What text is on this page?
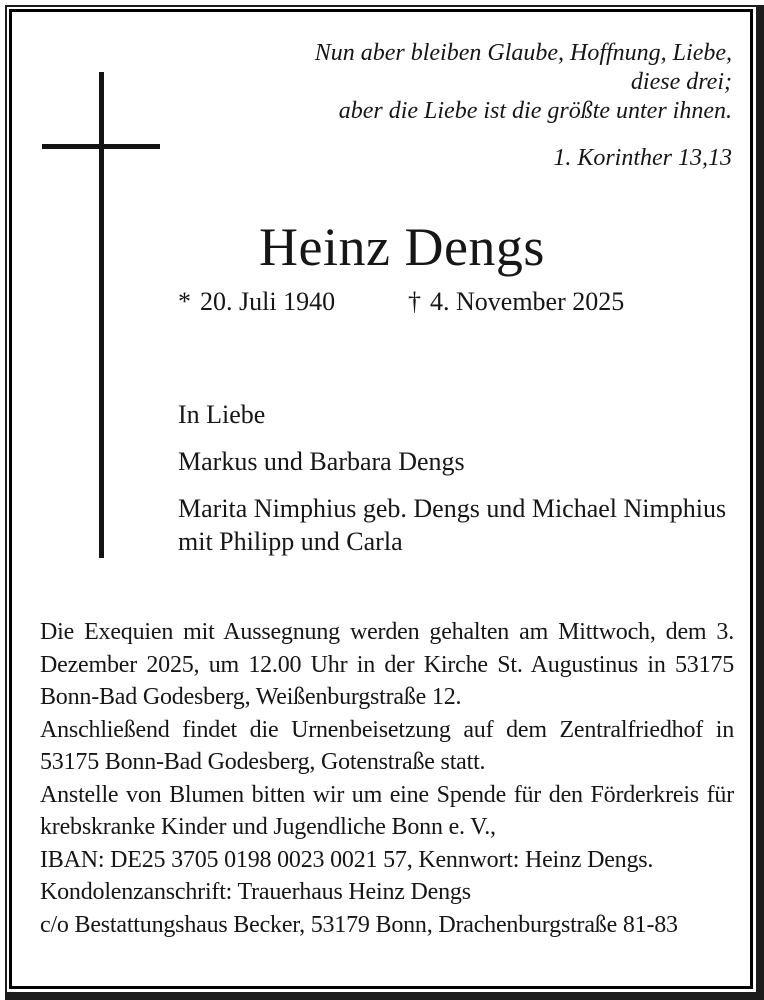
Nun aber bleiben Glaube, Hoffnung, Liebe,
diese drei;
aber die Liebe ist die größte unter ihnen.
1. Korinther 13,13
Heinz Dengs
* 20. Juli 1940	† 4. November 2025
In Liebe
Markus und Barbara Dengs
Marita Nimphius geb. Dengs und Michael Nimphius
mit Philipp und Carla

Die Exequien mit Aussegnung werden gehalten am Mittwoch, dem 3. Dezember 2025, um 12.00 Uhr in der Kirche St. Augustinus in 53175 Bonn-Bad Godesberg, Weißenburgstraße 12.

Anschließend findet die Urnenbeisetzung auf dem Zentralfriedhof in 53175 Bonn-Bad Godesberg, Gotenstraße statt.

Anstelle von Blumen bitten wir um eine Spende für den Förderkreis für krebskranke Kinder und Jugendliche Bonn e. V.,

IBAN: DE25 3705 0198 0023 0021 57, Kennwort: Heinz Dengs.

Kondolenzanschrift: Trauerhaus Heinz Dengs

c/o Bestattungshaus Becker, 53179 Bonn, Drachenburgstraße 81-83
